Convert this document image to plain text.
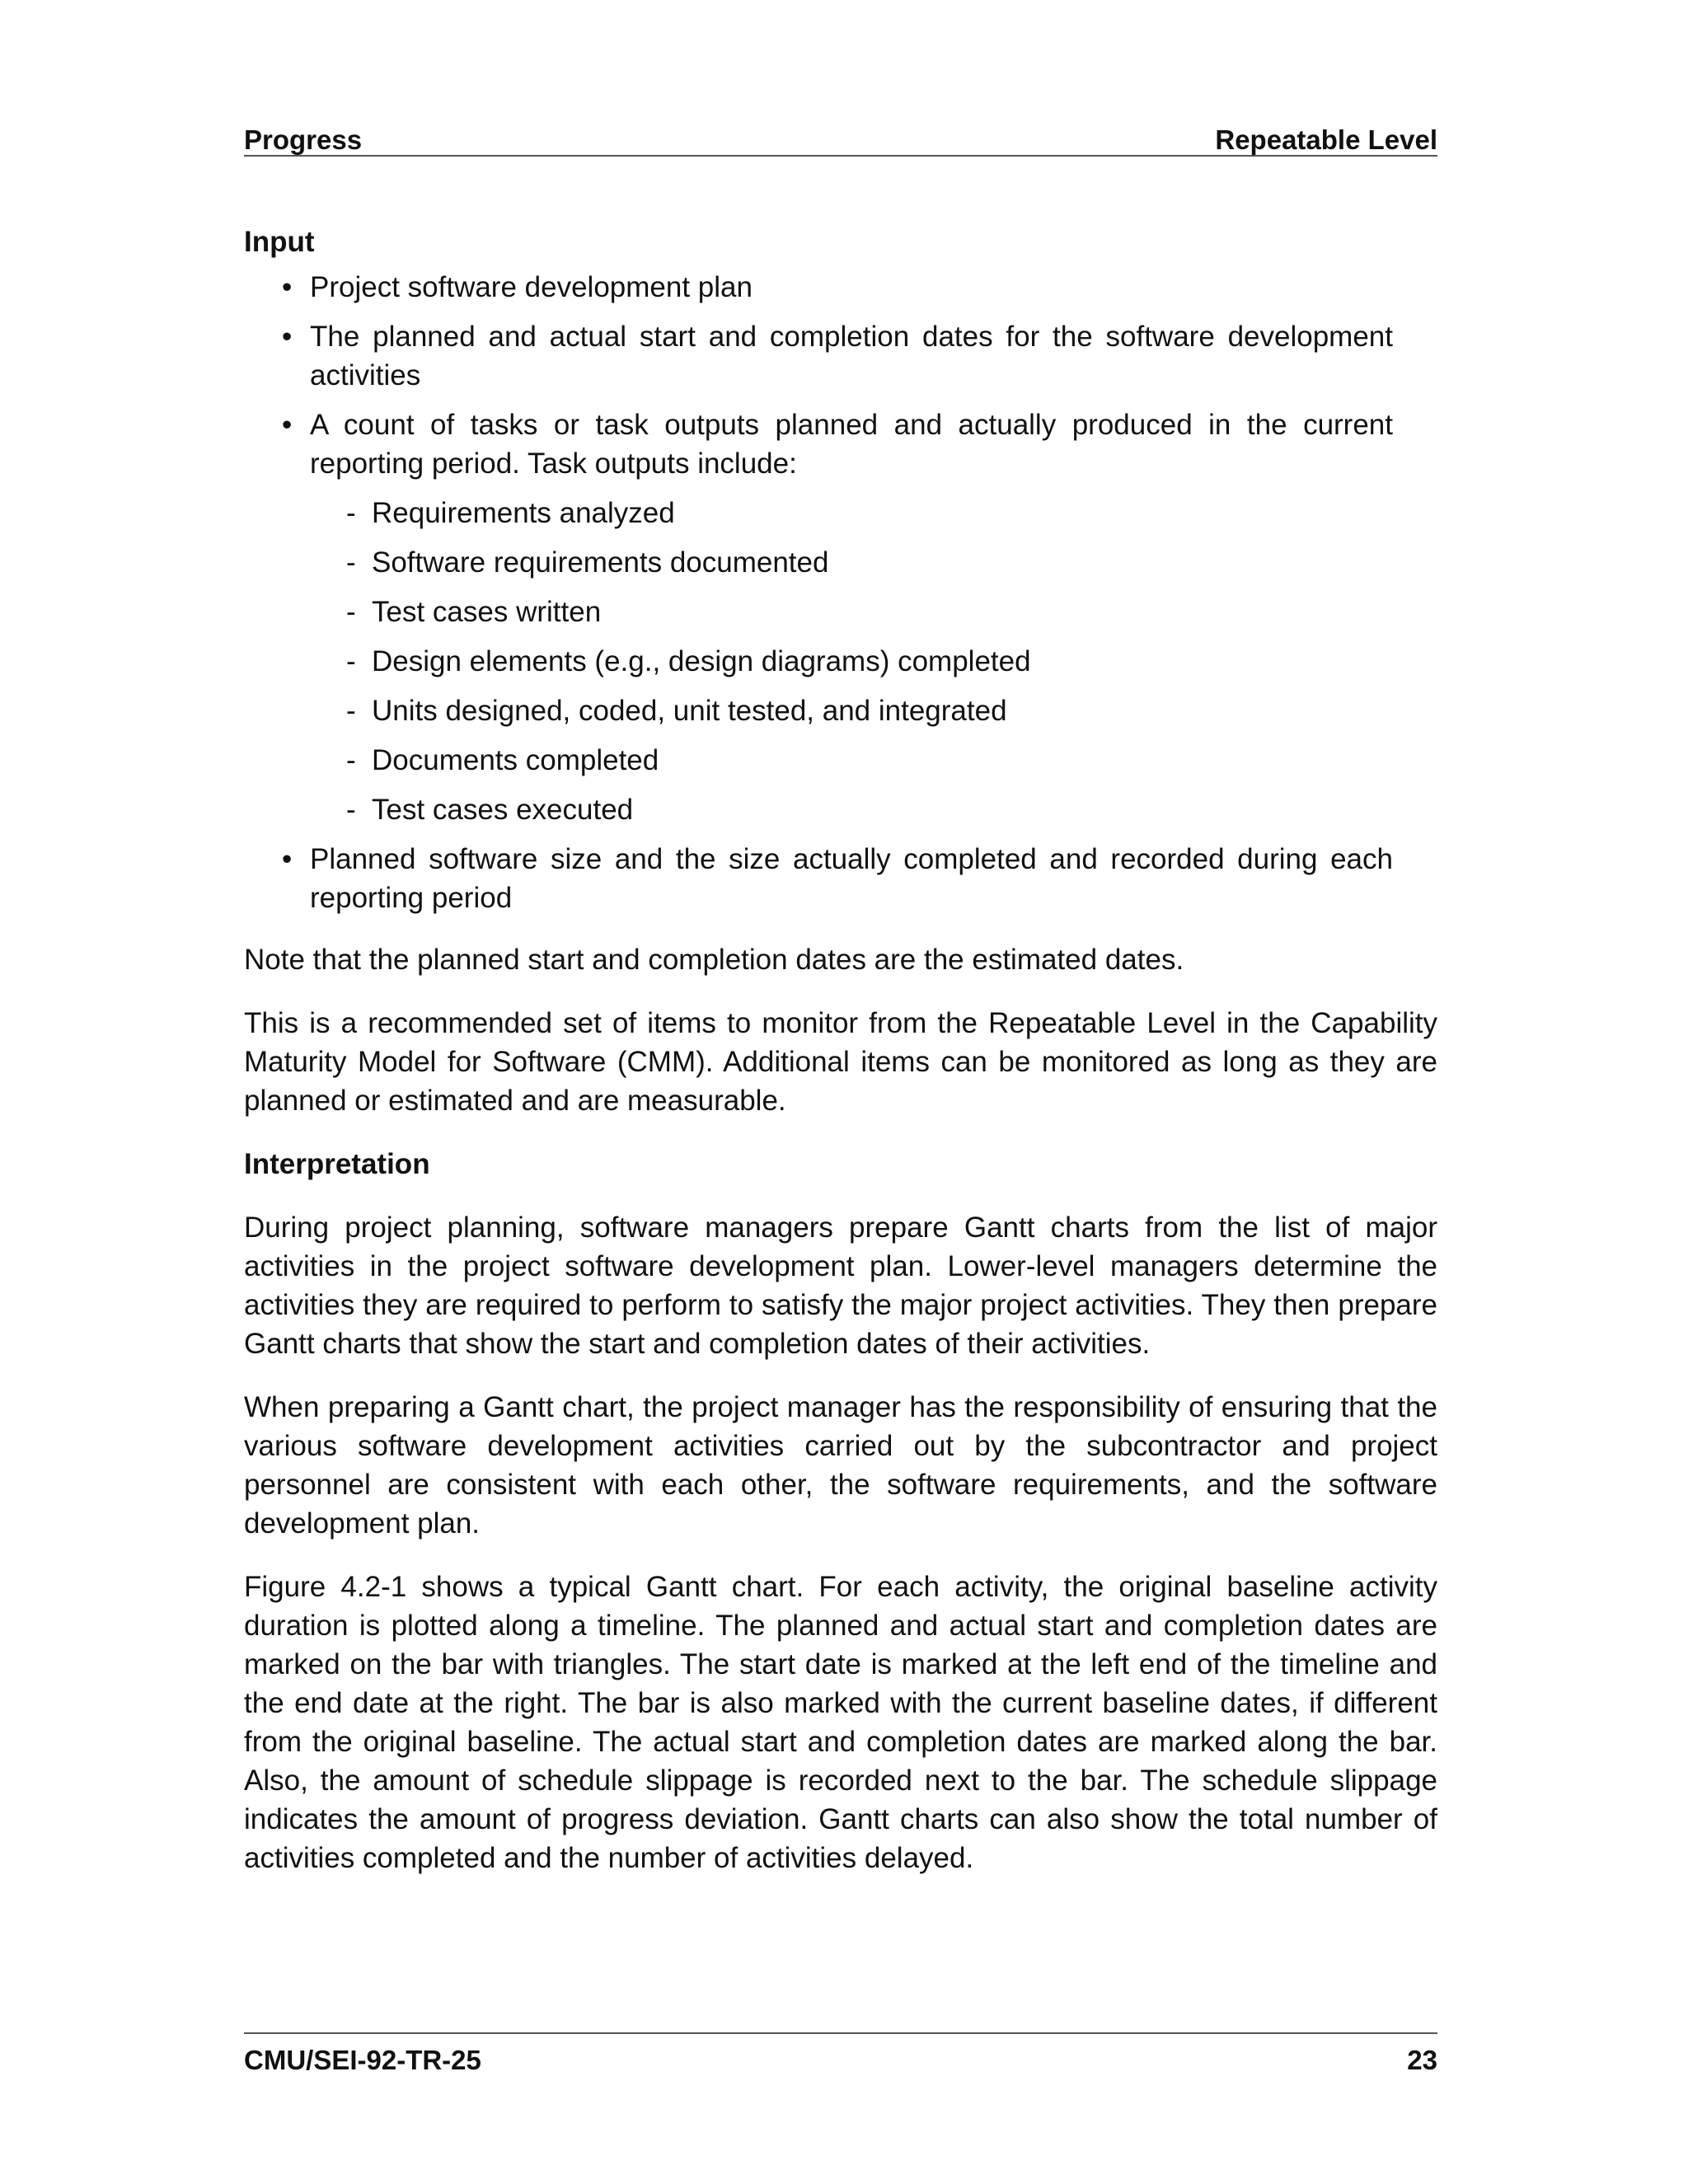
Progress	Repeatable Level
Input
• Project software development plan
• The planned and actual start and completion dates for the software development activities
• A count of tasks or task outputs planned and actually produced in the current reporting period. Task outputs include:
- Requirements analyzed
- Software requirements documented
- Test cases written
- Design elements (e.g., design diagrams) completed
- Units designed, coded, unit tested, and integrated
- Documents completed
- Test cases executed
• Planned software size and the size actually completed and recorded during each reporting period

Note that the planned start and completion dates are the estimated dates.

This is a recommended set of items to monitor from the Repeatable Level in the Capability Maturity Model for Software (CMM). Additional items can be monitored as long as they are planned or estimated and are measurable.

Interpretation

During project planning, software managers prepare Gantt charts from the list of major activities in the project software development plan. Lower-level managers determine the activities they are required to perform to satisfy the major project activities. They then prepare Gantt charts that show the start and completion dates of their activities.

When preparing a Gantt chart, the project manager has the responsibility of ensuring that the various software development activities carried out by the subcontractor and project personnel are consistent with each other, the software requirements, and the software development plan.

Figure 4.2-1 shows a typical Gantt chart. For each activity, the original baseline activity duration is plotted along a timeline. The planned and actual start and completion dates are marked on the bar with triangles. The start date is marked at the left end of the timeline and the end date at the right. The bar is also marked with the current baseline dates, if different from the original baseline. The actual start and completion dates are marked along the bar. Also, the amount of schedule slippage is recorded next to the bar. The schedule slippage indicates the amount of progress deviation. Gantt charts can also show the total number of activities completed and the number of activities delayed.

CMU/SEI-92-TR-25	23
